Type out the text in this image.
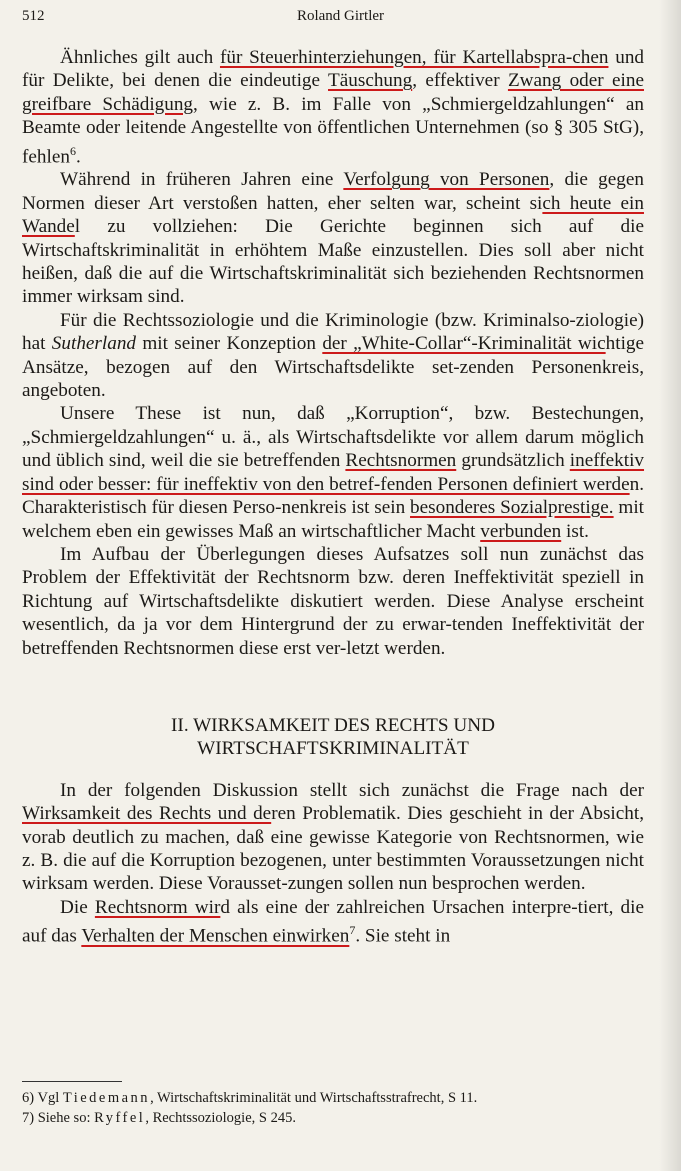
512	Roland Girtler

Ähnliches gilt auch für Steuerhinterziehungen, für Kartellabspra-chen und für Delikte, bei denen die eindeutige Täuschung, effektiver Zwang oder eine greifbare Schädigung, wie z. B. im Falle von „Schmiergeldzahlungen“ an Beamte oder leitende Angestellte von öffentlichen Unternehmen (so § 305 StG), fehlen$^6$.

Während in früheren Jahren eine Verfolgung von Personen, die gegen Normen dieser Art verstoßen hatten, eher selten war, scheint sich heute ein Wandel zu vollziehen: Die Gerichte beginnen sich auf die Wirtschaftskriminalität in erhöhtem Maße einzustellen. Dies soll aber nicht heißen, daß die auf die Wirtschaftskriminalität sich beziehenden Rechtsnormen immer wirksam sind.

Für die Rechtssoziologie und die Kriminologie (bzw. Kriminalso-ziologie) hat Sutherland mit seiner Konzeption der „White-Collar“-Kriminalität wichtige Ansätze, bezogen auf den Wirtschaftsdelikte set-zenden Personenkreis, angeboten.

Unsere These ist nun, daß „Korruption“, bzw. Bestechungen, „Schmiergeldzahlungen“ u. ä., als Wirtschaftsdelikte vor allem darum möglich und üblich sind, weil die sie betreffenden Rechtsnormen grundsätzlich ineffektiv sind oder besser: für ineffektiv von den betref-fenden Personen definiert werden. Charakteristisch für diesen Perso-nenkreis ist sein besonderes Sozialprestige. mit welchem eben ein gewisses Maß an wirtschaftlicher Macht verbunden ist.

Im Aufbau der Überlegungen dieses Aufsatzes soll nun zunächst das Problem der Effektivität der Rechtsnorm bzw. deren Ineffektivität speziell in Richtung auf Wirtschaftsdelikte diskutiert werden. Diese Analyse erscheint wesentlich, da ja vor dem Hintergrund der zu erwar-tenden Ineffektivität der betreffenden Rechtsnormen diese erst ver-letzt werden.

II. WIRKSAMKEIT DES RECHTS UND
WIRTSCHAFTSKRIMINALITÄT

In der folgenden Diskussion stellt sich zunächst die Frage nach der Wirksamkeit des Rechts und deren Problematik. Dies geschieht in der Absicht, vorab deutlich zu machen, daß eine gewisse Kategorie von Rechtsnormen, wie z. B. die auf die Korruption bezogenen, unter bestimmten Voraussetzungen nicht wirksam werden. Diese Vorausset-zungen sollen nun besprochen werden.

Die Rechtsnorm wird als eine der zahlreichen Ursachen interpre-tiert, die auf das Verhalten der Menschen einwirken$^7$. Sie steht in

6) Vgl Tiedemann, Wirtschaftskriminalität und Wirtschaftsstrafrecht, S 11.
7) Siehe so: Ryffel, Rechtssoziologie, S 245.
